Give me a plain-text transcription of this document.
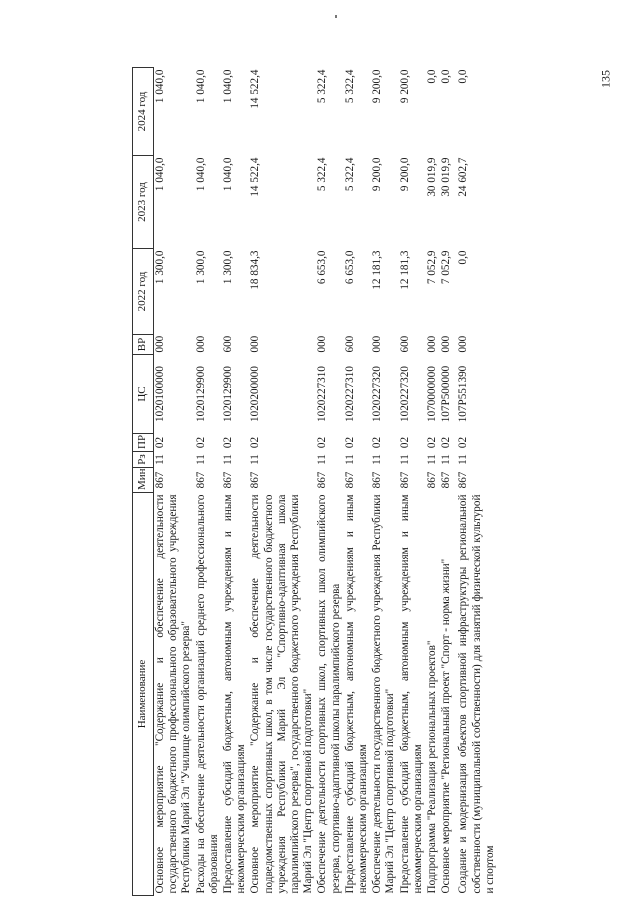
135
Наименование	Мин	Рз	ПР	ЦС	ВР	2022 год	2023 год	2024 год
Основное мероприятие "Содержание и обеспечение деятельности государственного бюджетного профессионального образовательного учреждения Республики Марий Эл "Училище олимпийского резерва"	867	11	02	1020100000	000	1 300,0	1 040,0	1 040,0
Расходы на обеспечение деятельности организаций среднего профессионального образования	867	11	02	1020129900	000	1 300,0	1 040,0	1 040,0
Предоставление субсидий бюджетным, автономным учреждениям и иным некоммерческим организациям	867	11	02	1020129900	600	1 300,0	1 040,0	1 040,0
Основное мероприятие "Содержание и обеспечение деятельности подведомственных спортивных школ, в том числе государственного бюджетного учреждения Республики Марий Эл "Спортивно-адаптивная школа паралимпийского резерва", государственного бюджетного учреждения Республики Марий Эл "Центр спортивной подготовки"	867	11	02	1020200000	000	18 834,3	14 522,4	14 522,4
Обеспечение деятельности спортивных школ, спортивных школ олимпийского резерва, спортивно-адаптивной школы паралимпийского резерва	867	11	02	1020227310	000	6 653,0	5 322,4	5 322,4
Предоставление субсидий бюджетным, автономным учреждениям и иным некоммерческим организациям	867	11	02	1020227310	600	6 653,0	5 322,4	5 322,4
Обеспечение деятельности государственного бюджетного учреждения Республики Марий Эл "Центр спортивной подготовки"	867	11	02	1020227320	000	12 181,3	9 200,0	9 200,0
Предоставление субсидий бюджетным, автономным учреждениям и иным некоммерческим организациям	867	11	02	1020227320	600	12 181,3	9 200,0	9 200,0
Подпрограмма "Реализация региональных проектов"	867	11	02	1070000000	000	7 052,9	30 019,9	0,0
Основное мероприятие "Региональный проект "Спорт - норма жизни"	867	11	02	107P500000	000	7 052,9	30 019,9	0,0
Создание и модернизация объектов спортивной инфраструктуры региональной собственности (муниципальной собственности) для занятий физической культурой и спортом	867	11	02	107P551390	000	0,0	24 602,7	0,0
